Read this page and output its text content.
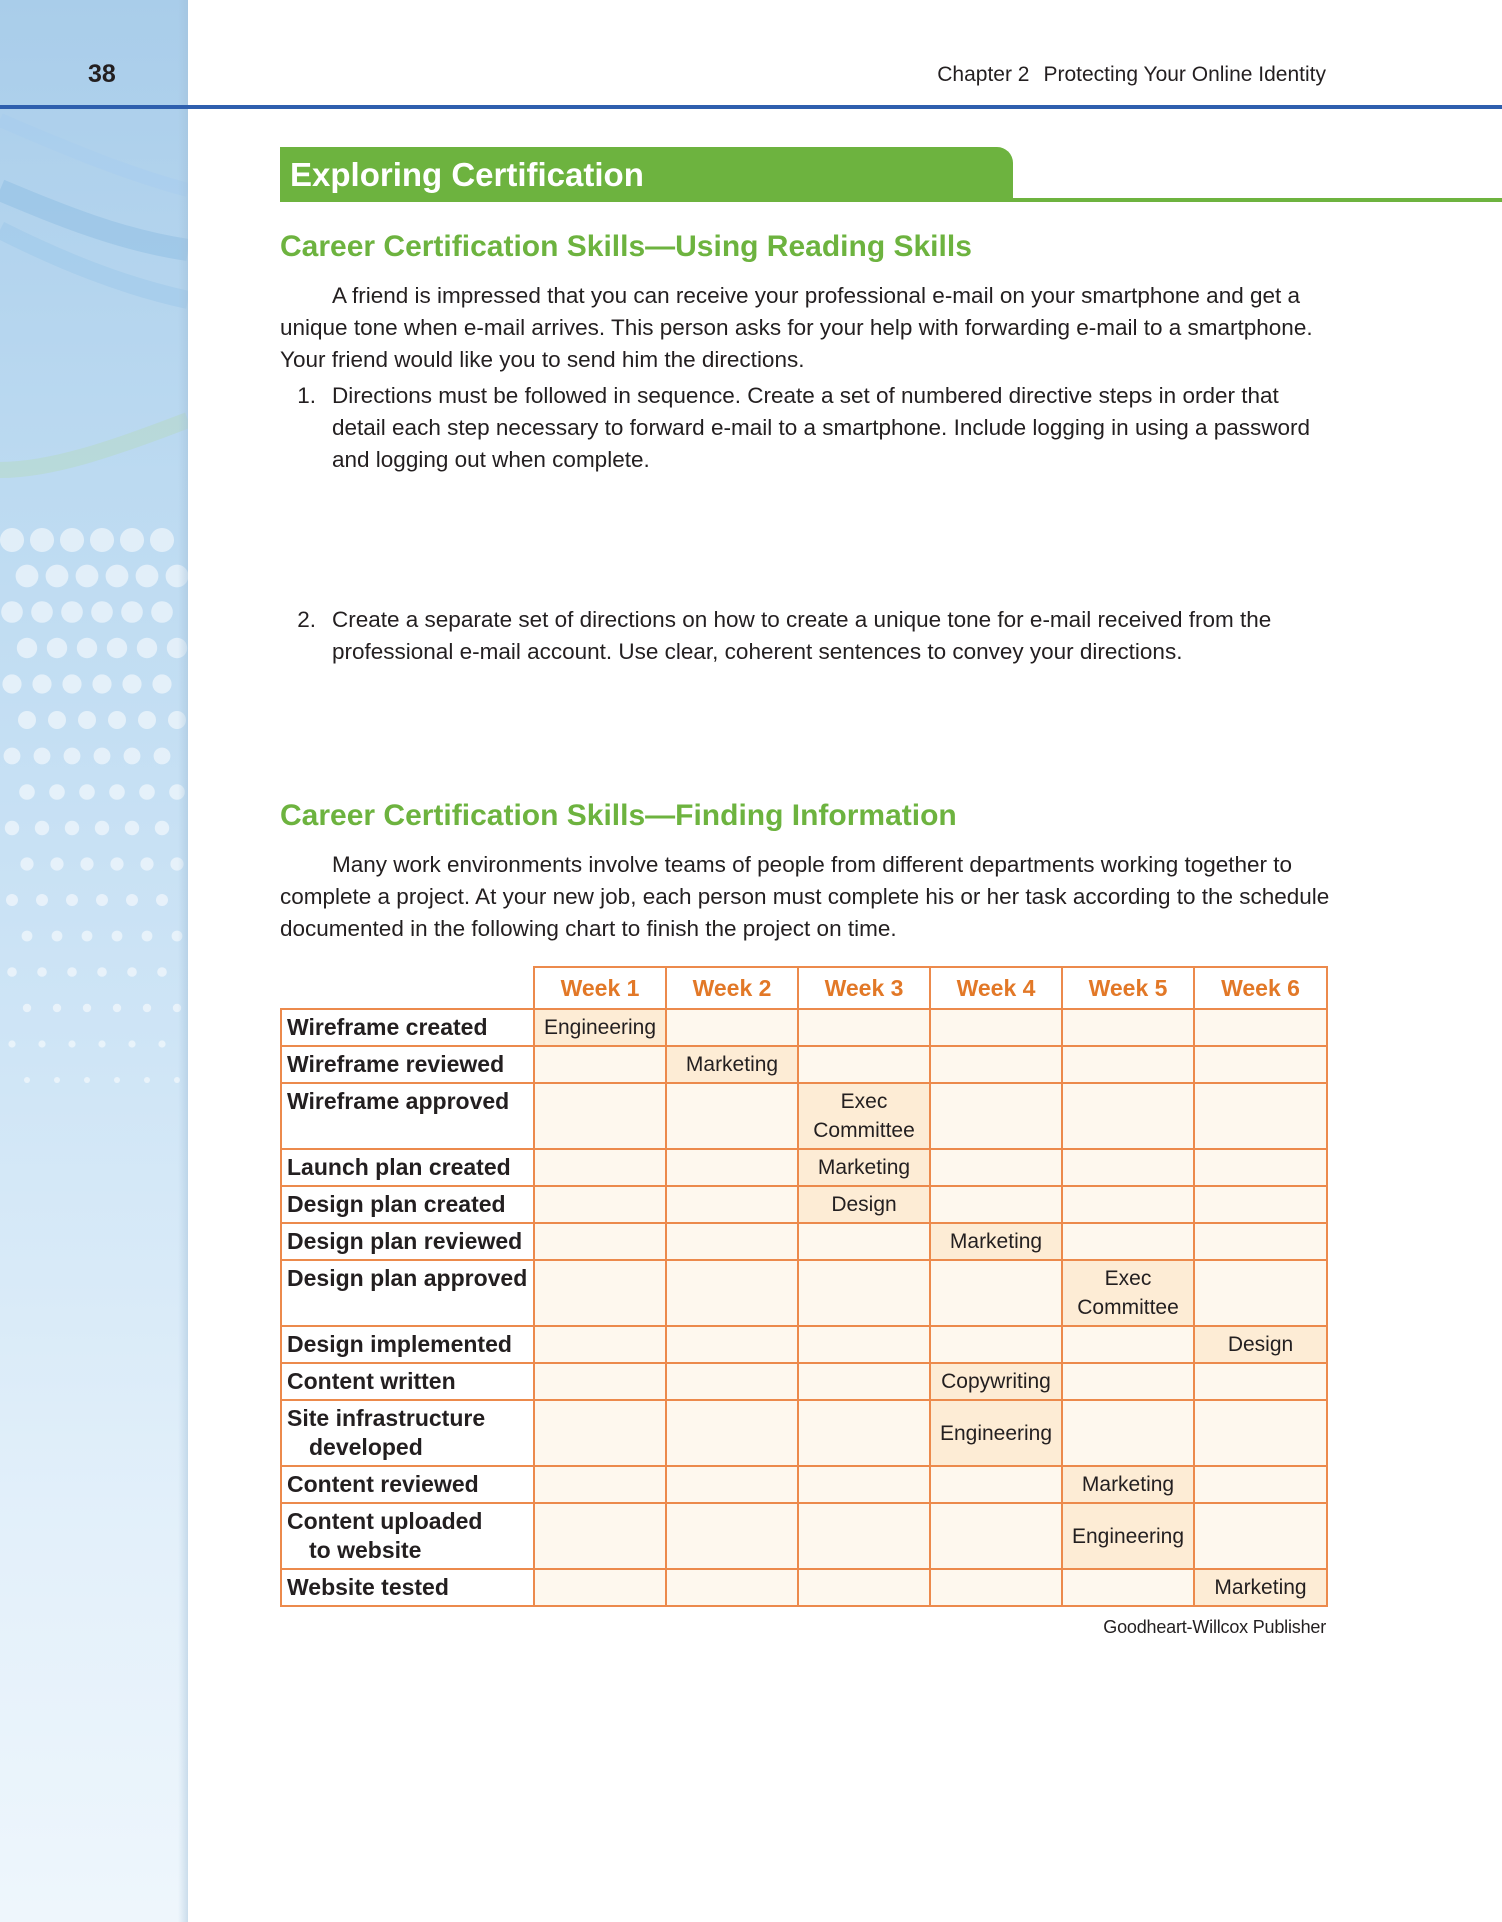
38	Chapter 2 Protecting Your Online Identity
Exploring Certification
Career Certification Skills—Using Reading Skills
A friend is impressed that you can receive your professional e-mail on your smartphone and get a unique tone when e-mail arrives. This person asks for your help with forwarding e-mail to a smartphone. Your friend would like you to send him the directions.
1. Directions must be followed in sequence. Create a set of numbered directive steps in order that detail each step necessary to forward e-mail to a smartphone. Include logging in using a password and logging out when complete.
2. Create a separate set of directions on how to create a unique tone for e-mail received from the professional e-mail account. Use clear, coherent sentences to convey your directions.
Career Certification Skills—Finding Information
Many work environments involve teams of people from different departments working together to complete a project. At your new job, each person must complete his or her task according to the schedule documented in the following chart to finish the project on time.
	Week 1	Week 2	Week 3	Week 4	Week 5	Week 6

Wireframe created	Engineering					

Wireframe reviewed		Marketing				

Wireframe approved			Exec
Committee			

Launch plan created			Marketing			

Design plan created			Design			

Design plan reviewed				Marketing		

Design plan approved					Exec
Committee	

Design implemented						Design

Content written				Copywriting		

Site infrastructure
developed				Engineering		

Content reviewed					Marketing	

Content uploaded
to website					Engineering	

Website tested						Marketing
Goodheart-Willcox Publisher
